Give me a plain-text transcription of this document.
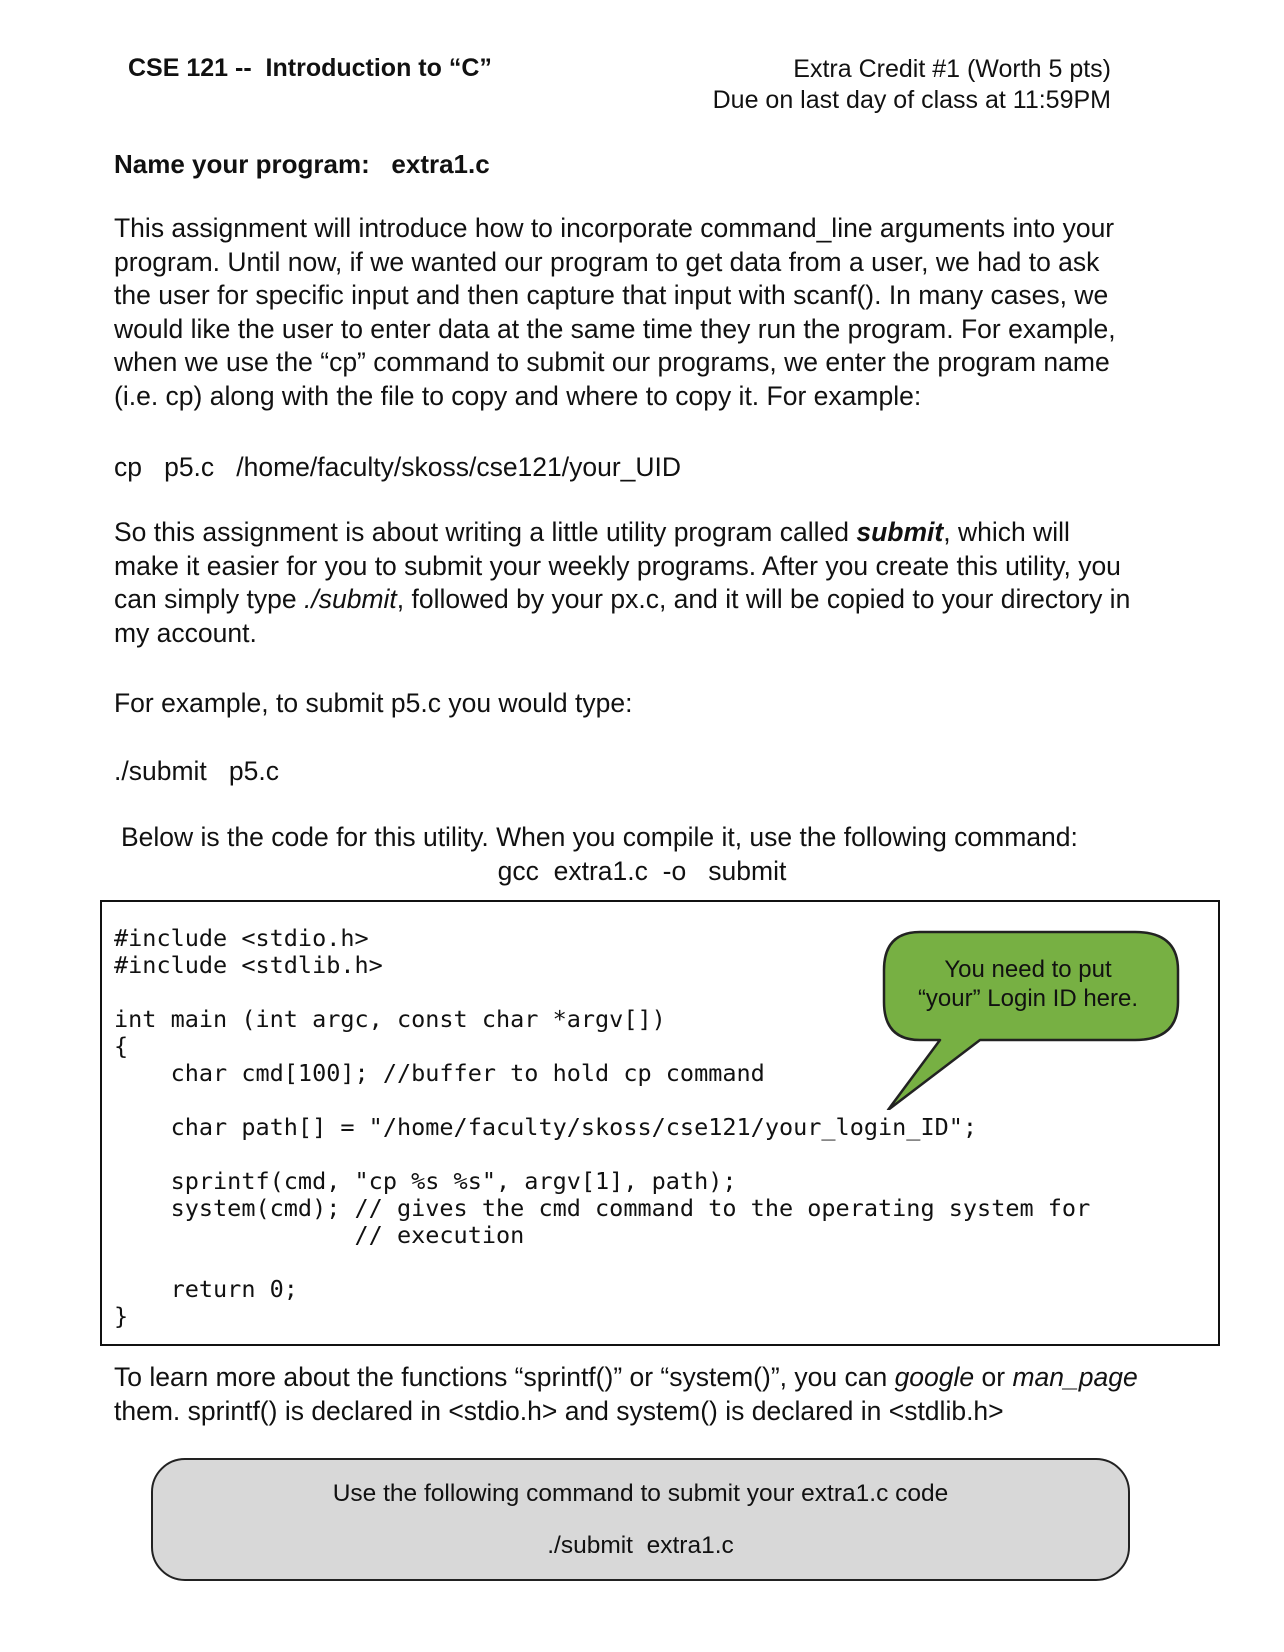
CSE 121 --  Introduction to “C”	Extra Credit #1 (Worth 5 pts)
Due on last day of class at 11:59PM
Name your program:   extra1.c
This assignment will introduce how to incorporate command_line arguments into your
program. Until now, if we wanted our program to get data from a user, we had to ask
the user for specific input and then capture that input with scanf(). In many cases, we
would like the user to enter data at the same time they run the program. For example,
when we use the “cp” command to submit our programs, we enter the program name
(i.e. cp) along with the file to copy and where to copy it. For example:
cp   p5.c   /home/faculty/skoss/cse121/your_UID
So this assignment is about writing a little utility program called submit, which will
make it easier for you to submit your weekly programs. After you create this utility, you
can simply type ./submit, followed by your px.c, and it will be copied to your directory in
my account.
For example, to submit p5.c you would type:
./submit   p5.c
Below is the code for this utility. When you compile it, use the following command:
gcc  extra1.c  -o   submit
#include <stdio.h>
#include <stdlib.h>
int main (int argc, const char *argv[])
{
char cmd[100]; //buffer to hold cp command
char path[] = "/home/faculty/skoss/cse121/your_login_ID";
sprintf(cmd, "cp %s %s", argv[1], path);
system(cmd); // gives the cmd command to the operating system for
// execution
return 0;
}
You need to put
“your” Login ID here.
To learn more about the functions “sprintf()” or “system()”, you can google or man_page
them. sprintf() is declared in <stdio.h> and system() is declared in <stdlib.h>
Use the following command to submit your extra1.c code
./submit  extra1.c
